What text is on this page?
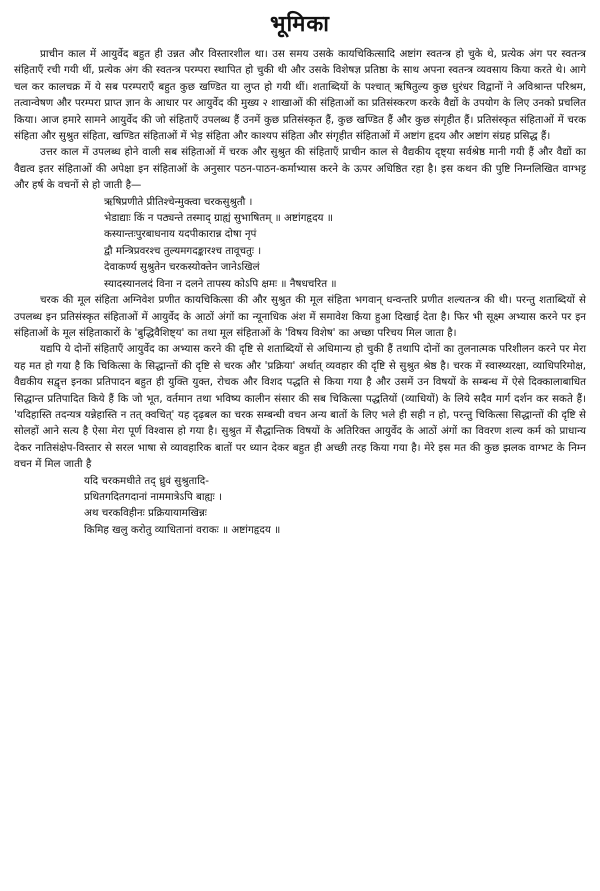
भूमिका

प्राचीन काल में आयुर्वेद बहुत ही उन्नत और विस्तारशील था। उस समय उसके कायचिकित्सादि अष्टांग स्वतन्त्र हो चुके थे, प्रत्येक अंग पर स्वतन्त्र संहिताएँ रची गयी थीं, प्रत्येक अंग की स्वतन्त्र परम्परा स्थापित हो चुकी थी और उसके विशेषज्ञ प्रतिष्ठा के साथ अपना स्वतन्त्र व्यवसाय किया करते थे। आगे चल कर कालचक्र में ये सब परम्पराएँ बहुत कुछ खण्डित या लुप्त हो गयी थीं। शताब्दियों के पश्चात् ऋषितुल्य कुछ धुरंधर विद्वानों ने अविश्रान्त परिश्रम, तत्वान्वेषण और परम्परा प्राप्त ज्ञान के आधार पर आयुर्वेद की मुख्य २ शाखाओं की संहिताओं का प्रतिसंस्करण करके वैद्यों के उपयोग के लिए उनको प्रचलित किया। आज हमारे सामने आयुर्वेद की जो संहिताएँ उपलब्ध हैं उनमें कुछ प्रतिसंस्कृत हैं, कुछ खण्डित हैं और कुछ संगृहीत हैं। प्रतिसंस्कृत संहिताओं में चरक संहिता और सुश्रुत संहिता, खण्डित संहिताओं में भेड़ संहिता और काश्यप संहिता और संगृहीत संहिताओं में अष्टांग हृदय और अष्टांग संग्रह प्रसिद्ध हैं।

उत्तर काल में उपलब्ध होने वाली सब संहिताओं में चरक और सुश्रुत की संहिताएँ प्राचीन काल से वैद्यकीय दृष्ट्या सर्वश्रेष्ठ मानी गयी हैं और वैद्यों का वैद्यत्व इतर संहिताओं की अपेक्षा इन संहिताओं के अनुसार पठन-पाठन-कर्माभ्यास करने के ऊपर अधिष्ठित रहा है। इस कथन की पुष्टि निम्नलिखित वाग्भट्ट और हर्ष के वचनों से हो जाती है—

ऋषिप्रणीते प्रीतिश्चेन्मुक्त्वा चरकसुश्रुतौ ।
भेडाद्याः किं न पठ्यन्ते तस्माद् ग्राह्यं सुभाषितम् ॥ अष्टांगहृदय ॥
कस्यान्तःपुरबाधनाय यदपीकारान्न दोषा नृपं
द्वौ मन्त्रिप्रवरश्च तुल्यमगदङ्कारश्च तावूचतुः ।
देवाकर्ण्य सुश्रुतेन चरकस्योक्तेन जानेऽखिलं
स्यादस्यानलदं विना न दलने तापस्य कोऽपि क्षमः ॥ नैषधचरित ॥

चरक की मूल संहिता अग्निवेश प्रणीत कायचिकित्सा की और सुश्रुत की मूल संहिता भगवान् धन्वन्तरि प्रणीत शल्यतन्त्र की थी। परन्तु शताब्दियों से उपलब्ध इन प्रतिसंस्कृत संहिताओं में आयुर्वेद के आठों अंगों का न्यूनाधिक अंश में समावेश किया हुआ दिखाई देता है। फिर भी सूक्ष्म अभ्यास करने पर इन संहिताओं के मूल संहिताकारों के 'बुद्धिवैशिष्ट्य' का तथा मूल संहिताओं के 'विषय विशेष' का अच्छा परिचय मिल जाता है।

यद्यपि ये दोनों संहिताएँ आयुर्वेद का अभ्यास करने की दृष्टि से शताब्दियों से अधिमान्य हो चुकी हैं तथापि दोनों का तुलनात्मक परिशीलन करने पर मेरा यह मत हो गया है कि चिकित्सा के सिद्धान्तों की दृष्टि से चरक और 'प्रक्रिया' अर्थात् व्यवहार की दृष्टि से सुश्रुत श्रेष्ठ है। चरक में स्वास्थ्यरक्षा, व्याधिपरिमोक्ष, वैद्यकीय सद्वृत्त इनका प्रतिपादन बहुत ही युक्ति युक्त, रोचक और विशद पद्धति से किया गया है और उसमें उन विषयों के सम्बन्ध में ऐसे दिक्कालाबाधित सिद्धान्त प्रतिपादित किये हैं कि जो भूत, वर्तमान तथा भविष्य कालीन संसार की सब चिकित्सा पद्धतियों (व्याधियों) के लिये सदैव मार्ग दर्शन कर सकते हैं। 'यदिहास्ति तदन्यत्र यन्नेहास्ति न तत् क्वचित्' यह दृढ़बल का चरक सम्बन्धी वचन अन्य बातों के लिए भले ही सही न हो, परन्तु चिकित्सा सिद्धान्तों की दृष्टि से सोलहों आने सत्य है ऐसा मेरा पूर्ण विश्वास हो गया है। सुश्रुत में सैद्धान्तिक विषयों के अतिरिक्त आयुर्वेद के आठों अंगों का विवरण शल्य कर्म को प्राधान्य देकर नातिसंक्षेप-विस्तार से सरल भाषा से व्यावहारिक बातों पर ध्यान देकर बहुत ही अच्छी तरह किया गया है। मेरे इस मत की कुछ झलक वाग्भट के निम्न वचन में मिल जाती है

यदि चरकमधीते तद् ध्रुवं सुश्रुतादि-
प्रथितगदितगदानां नाममात्रेऽपि बाह्यः ।
अथ चरकविहीनः प्रक्रियायामखिन्नः
किमिह खलु करोतु व्याधितानां वराकः ॥ अष्टांगहृदय ॥
